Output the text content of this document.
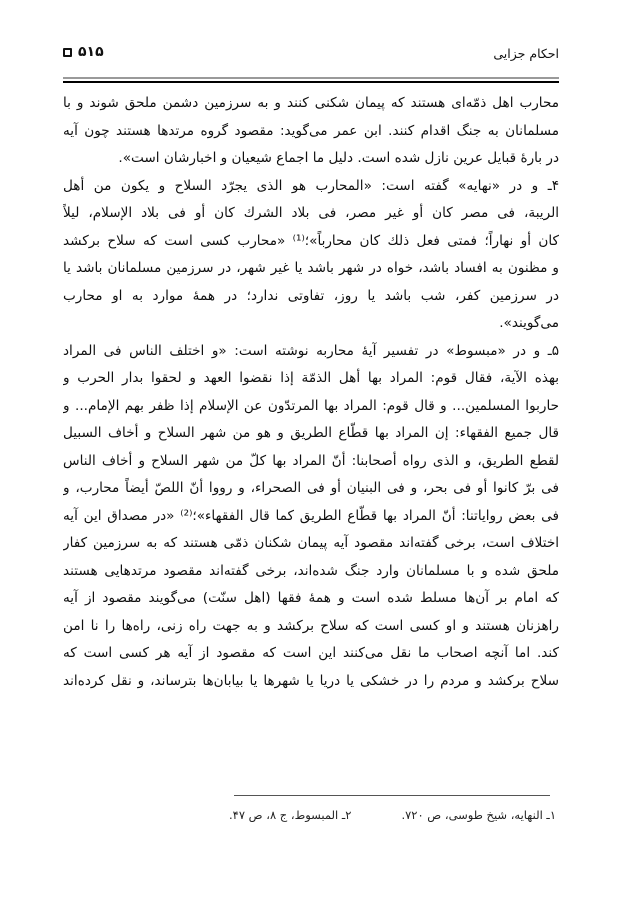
احکام جزایی
۵۱۵
محارب اهل ذمّه‌ای هستند که پیمان شکنی کنند و به سرزمین دشمن ملحق شوند و با
مسلمانان به جنگ اقدام کنند. ابن عمر می‌گوید: مقصود گروه مرتدها هستند چون آیه
در بارۀ قبایل عرین نازل شده است. دلیل ما اجماع شیعیان و اخبارشان است».
۴ـ و در «نهایه» گفته است: «المحارب هو الذی یجرّد السلاح و یکون من أهل
الریبة، فی مصر کان أو غیر مصر، فی بلاد الشرك کان أو فی بلاد الإسلام، لیلاً
کان أو نهاراً؛ فمتی فعل ذلك کان محارباً»؛⁽¹⁾ «محارب کسی است که سلاح برکشد
و مظنون به افساد باشد، خواه در شهر باشد یا غیر شهر، در سرزمین مسلمانان باشد یا
در سرزمین کفر، شب باشد یا روز، تفاوتی ندارد؛ در همۀ موارد به او محارب
می‌گویند».
۵ـ و در «مبسوط» در تفسیر آیۀ محاربه نوشته است: «و اختلف الناس فی المراد
بهذه الآیة، فقال قوم: المراد بها أهل الذمّة إذا نقضوا العهد و لحقوا بدار الحرب و
حاربوا المسلمین... و قال قوم: المراد بها المرتدّون عن الإسلام إذا ظفر بهم الإمام... و
قال جمیع الفقهاء: إن المراد بها قطّاع الطریق و هو من شهر السلاح و أخاف السبیل
لقطع الطریق، و الذی رواه أصحابنا: أنّ المراد بها کلّ من شهر السلاح و أخاف الناس
فی برّ کانوا أو فی بحر، و فی البنیان أو فی الصحراء، و رووا أنّ اللصّ أیضاً محارب، و
فی بعض روایاتنا: أنّ المراد بها قطّاع الطریق کما قال الفقهاء»؛⁽²⁾ «در مصداق این آیه
اختلاف است، برخی گفته‌اند مقصود آیه پیمان شکنان ذمّی هستند که به سرزمین کفار
ملحق شده و با مسلمانان وارد جنگ شده‌اند، برخی گفته‌اند مقصود مرتدهایی هستند
که امام بر آن‌ها مسلط شده است و همۀ فقها (اهل سنّت) می‌گویند مقصود از آیه
راهزنان هستند و او کسی است که سلاح برکشد و به جهت راه زنی، راه‌ها را نا امن
کند. اما آنچه اصحاب ما نقل می‌کنند این است که مقصود از آیه هر کسی است که
سلاح برکشد و مردم را در خشکی یا دریا یا شهرها یا بیابان‌ها بترساند، و نقل کرده‌اند
۱ـ النهایه، شیخ طوسی، ص ۷۲۰.
۲ـ المبسوط، ج ۸، ص ۴۷.
